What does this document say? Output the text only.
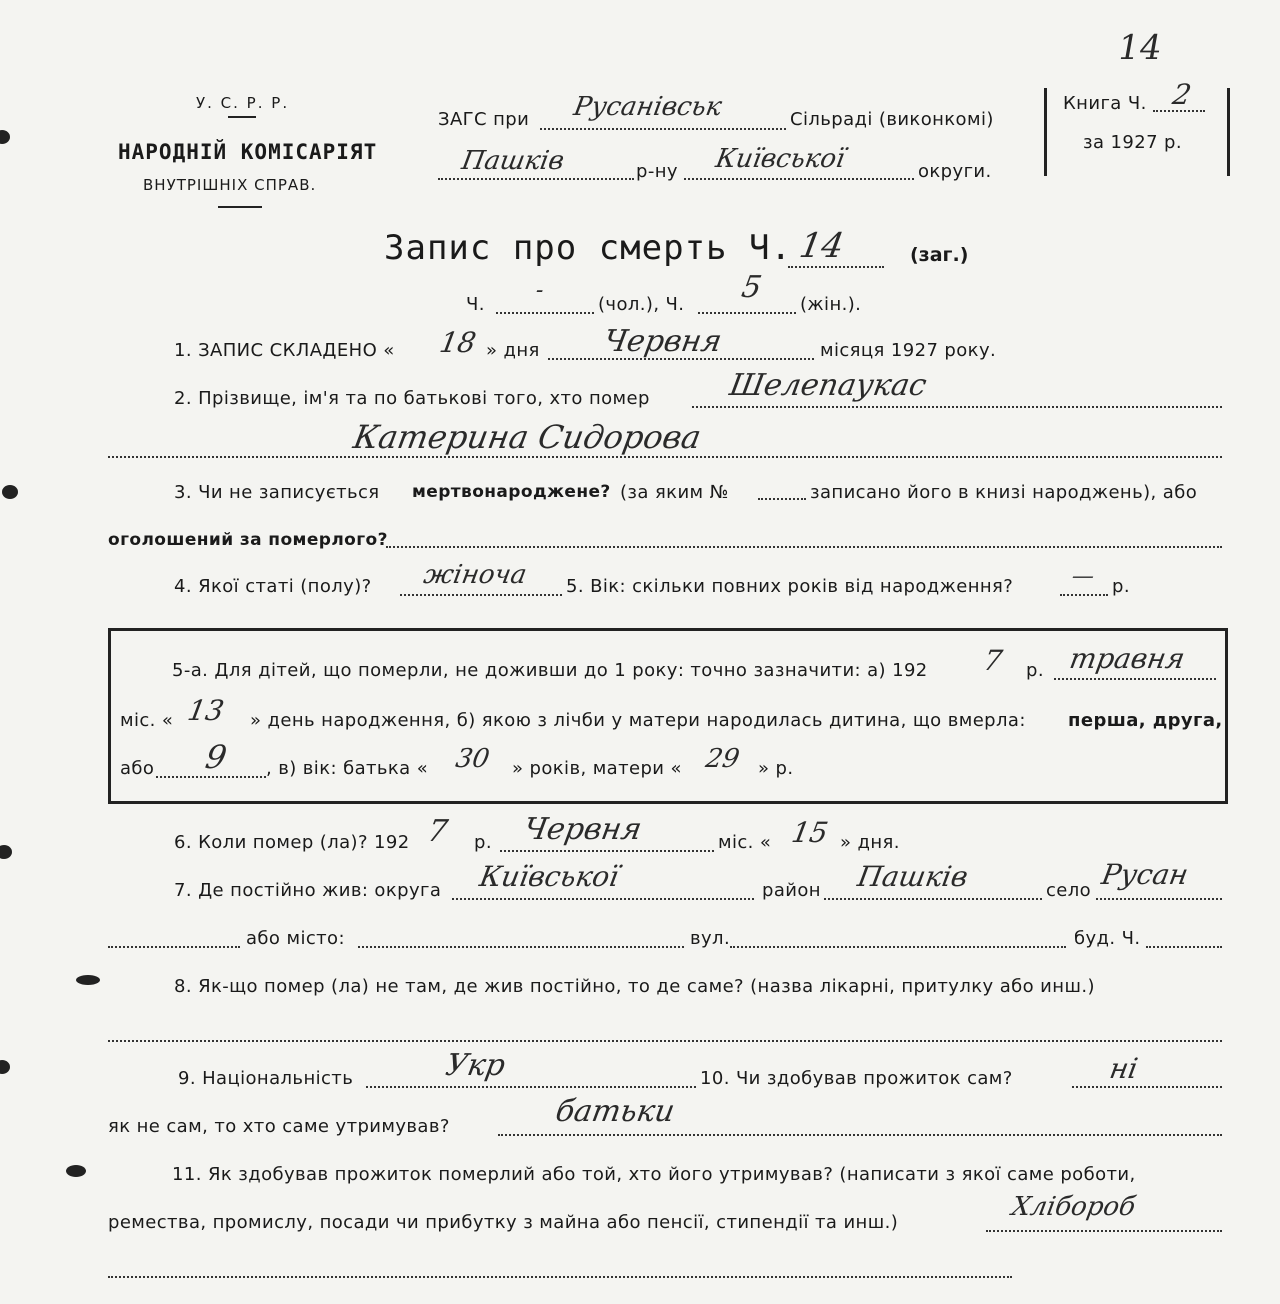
14
У. С. Р. Р.
НАРОДНІЙ КОМІСАРІЯТ
ВНУТРІШНІХ СПРАВ.
ЗАГС при Русанівськ	Сільраді (виконкомі)
Пашків	р-ну Київської	округи.
Книга Ч. 2
за 1927 р.
Запис про смерть Ч. 14	(заг.)
Ч.
-
(чол.), Ч. 5 (жін.).
1. ЗАПИС СКЛАДЕНО « 18 » дня Червня	місяця 1927 року.
2. Прізвище, ім'я та по батькові того, хто помер	Шелепаукас
Катерина Сидорова
3. Чи не записується мертвонароджене? (за яким №	записано його в книзі народжень), або
оголошений за померлого?
4. Якої статі (полу)? жіноча 5. Вік: скільки повних років від народження?	— р.
5-а. Для дітей, що померли, не доживши до 1 року: точно зазначити: а) 192 7 р. травня
міс. « 13 » день народження, б) якою з лічби у матери народилась дитина, що вмерла: перша, друга,
або 9 , в) вік: батька « 30 » років, матери « 29 » р.
6. Коли помер (ла)? 192 7 р. Червня	міс. « 15 » дня.
7. Де постійно жив: округа Київської	район Пашків	село Русан
або місто:	вул.	буд. Ч.
8. Як-що помер (ла) не там, де жив постійно, то де саме? (назва лікарні, притулку або инш.)
9. Національність	Укр	10. Чи здобував прожиток сам?	ні
як не сам, то хто саме утримував?	батьки
11. Як здобував прожиток померлий або той, хто його утримував? (написати з якої саме роботи,
ремества, промислу, посади чи прибутку з майна або пенсії, стипендії та инш.)
Хлібороб
